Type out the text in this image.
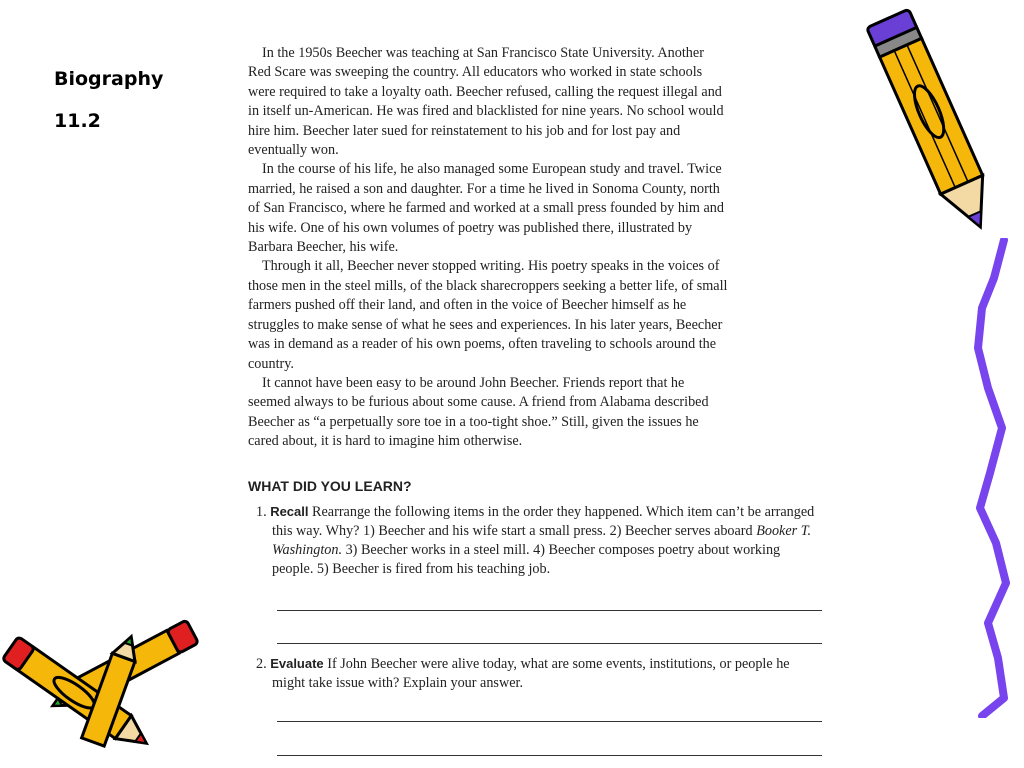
Biography
11.2

In the 1950s Beecher was teaching at San Francisco State University. Another Red Scare was sweeping the country. All educators who worked in state schools were required to take a loyalty oath. Beecher refused, calling the request illegal and in itself un-American. He was fired and blacklisted for nine years. No school would hire him. Beecher later sued for reinstatement to his job and for lost pay and eventually won.

In the course of his life, he also managed some European study and travel. Twice married, he raised a son and daughter. For a time he lived in Sonoma County, north of San Francisco, where he farmed and worked at a small press founded by him and his wife. One of his own volumes of poetry was published there, illustrated by Barbara Beecher, his wife.

Through it all, Beecher never stopped writing. His poetry speaks in the voices of those men in the steel mills, of the black sharecroppers seeking a better life, of small farmers pushed off their land, and often in the voice of Beecher himself as he struggles to make sense of what he sees and experiences. In his later years, Beecher was in demand as a reader of his own poems, often traveling to schools around the country.

It cannot have been easy to be around John Beecher. Friends report that he seemed always to be furious about some cause. A friend from Alabama described Beecher as “a perpetually sore toe in a too-tight shoe.” Still, given the issues he cared about, it is hard to imagine him otherwise.

WHAT DID YOU LEARN?
1. Recall Rearrange the following items in the order they happened. Which item can’t be arranged this way. Why? 1) Beecher and his wife start a small press. 2) Beecher serves aboard Booker T. Washington. 3) Beecher works in a steel mill. 4) Beecher composes poetry about working people. 5) Beecher is fired from his teaching job.
2. Evaluate If John Beecher were alive today, what are some events, institutions, or people he might take issue with? Explain your answer.
